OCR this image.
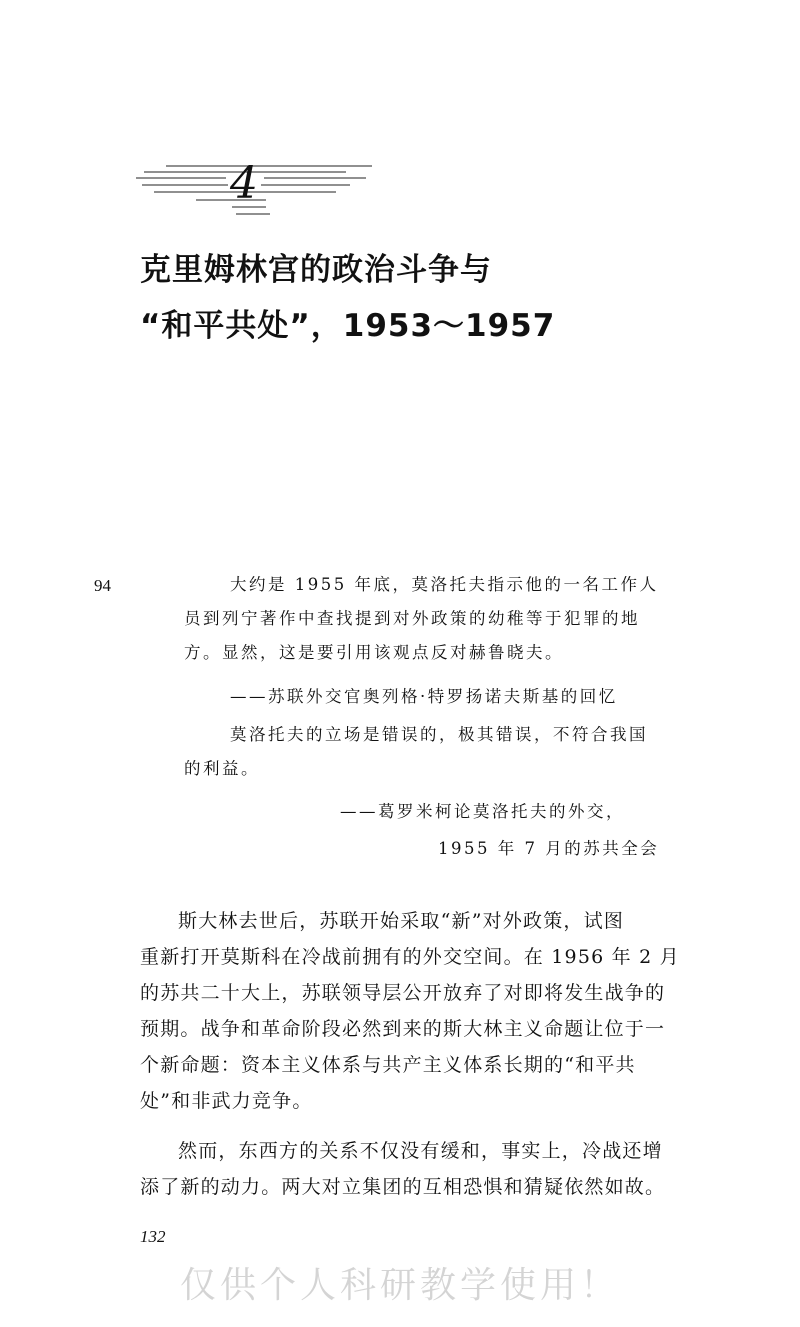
4
克里姆林宫的政治斗争与
“和平共处”，1953～1957
94	大约是 1955 年底，莫洛托夫指示他的一名工作人
员到列宁著作中查找提到对外政策的幼稚等于犯罪的地
方。显然，这是要引用该观点反对赫鲁晓夫。
——苏联外交官奥列格·特罗扬诺夫斯基的回忆
莫洛托夫的立场是错误的，极其错误，不符合我国
的利益。
——葛罗米柯论莫洛托夫的外交，
1955 年 7 月的苏共全会
斯大林去世后，苏联开始采取“新”对外政策，试图
重新打开莫斯科在冷战前拥有的外交空间。在 1956 年 2 月
的苏共二十大上，苏联领导层公开放弃了对即将发生战争的
预期。战争和革命阶段必然到来的斯大林主义命题让位于一
个新命题：资本主义体系与共产主义体系长期的“和平共
处”和非武力竞争。
然而，东西方的关系不仅没有缓和，事实上，冷战还增
添了新的动力。两大对立集团的互相恐惧和猜疑依然如故。
132
仅供个人科研教学使用！
